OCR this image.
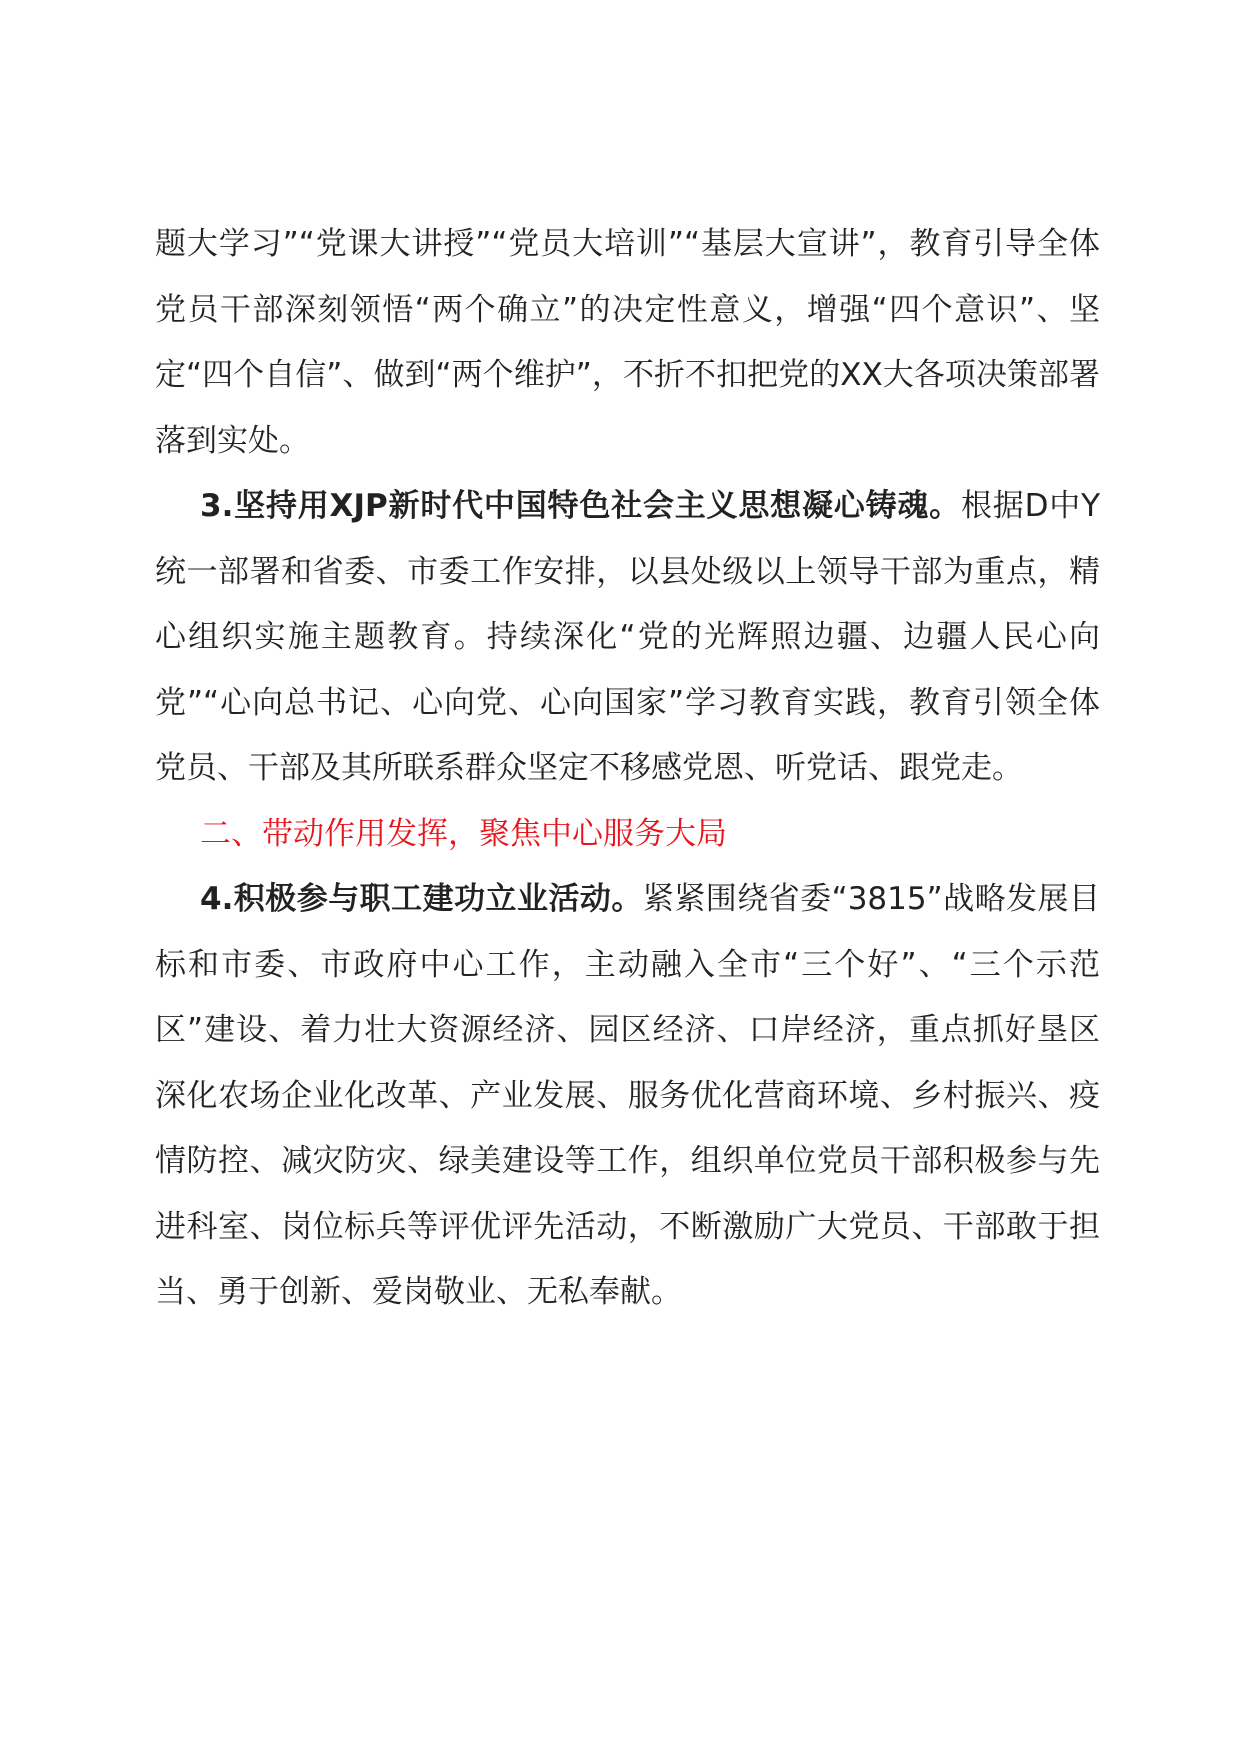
题大学习”“党课大讲授”“党员大培训”“基层大宣讲”，教育引导全体党员干部深刻领悟“两个确立”的决定性意义，增强“四个意识”、坚定“四个自信”、做到“两个维护”，不折不扣把党的XX大各项决策部署落到实处。

3.坚持用XJP新时代中国特色社会主义思想凝心铸魂。根据D中Y统一部署和省委、市委工作安排，以县处级以上领导干部为重点，精心组织实施主题教育。持续深化“党的光辉照边疆、边疆人民心向党”“心向总书记、心向党、心向国家”学习教育实践，教育引领全体党员、干部及其所联系群众坚定不移感党恩、听党话、跟党走。

二、带动作用发挥，聚焦中心服务大局

4.积极参与职工建功立业活动。紧紧围绕省委“3815”战略发展目标和市委、市政府中心工作，主动融入全市“三个好”、“三个示范区”建设、着力壮大资源经济、园区经济、口岸经济，重点抓好垦区深化农场企业化改革、产业发展、服务优化营商环境、乡村振兴、疫情防控、减灾防灾、绿美建设等工作，组织单位党员干部积极参与先进科室、岗位标兵等评优评先活动，不断激励广大党员、干部敢于担当、勇于创新、爱岗敬业、无私奉献。
